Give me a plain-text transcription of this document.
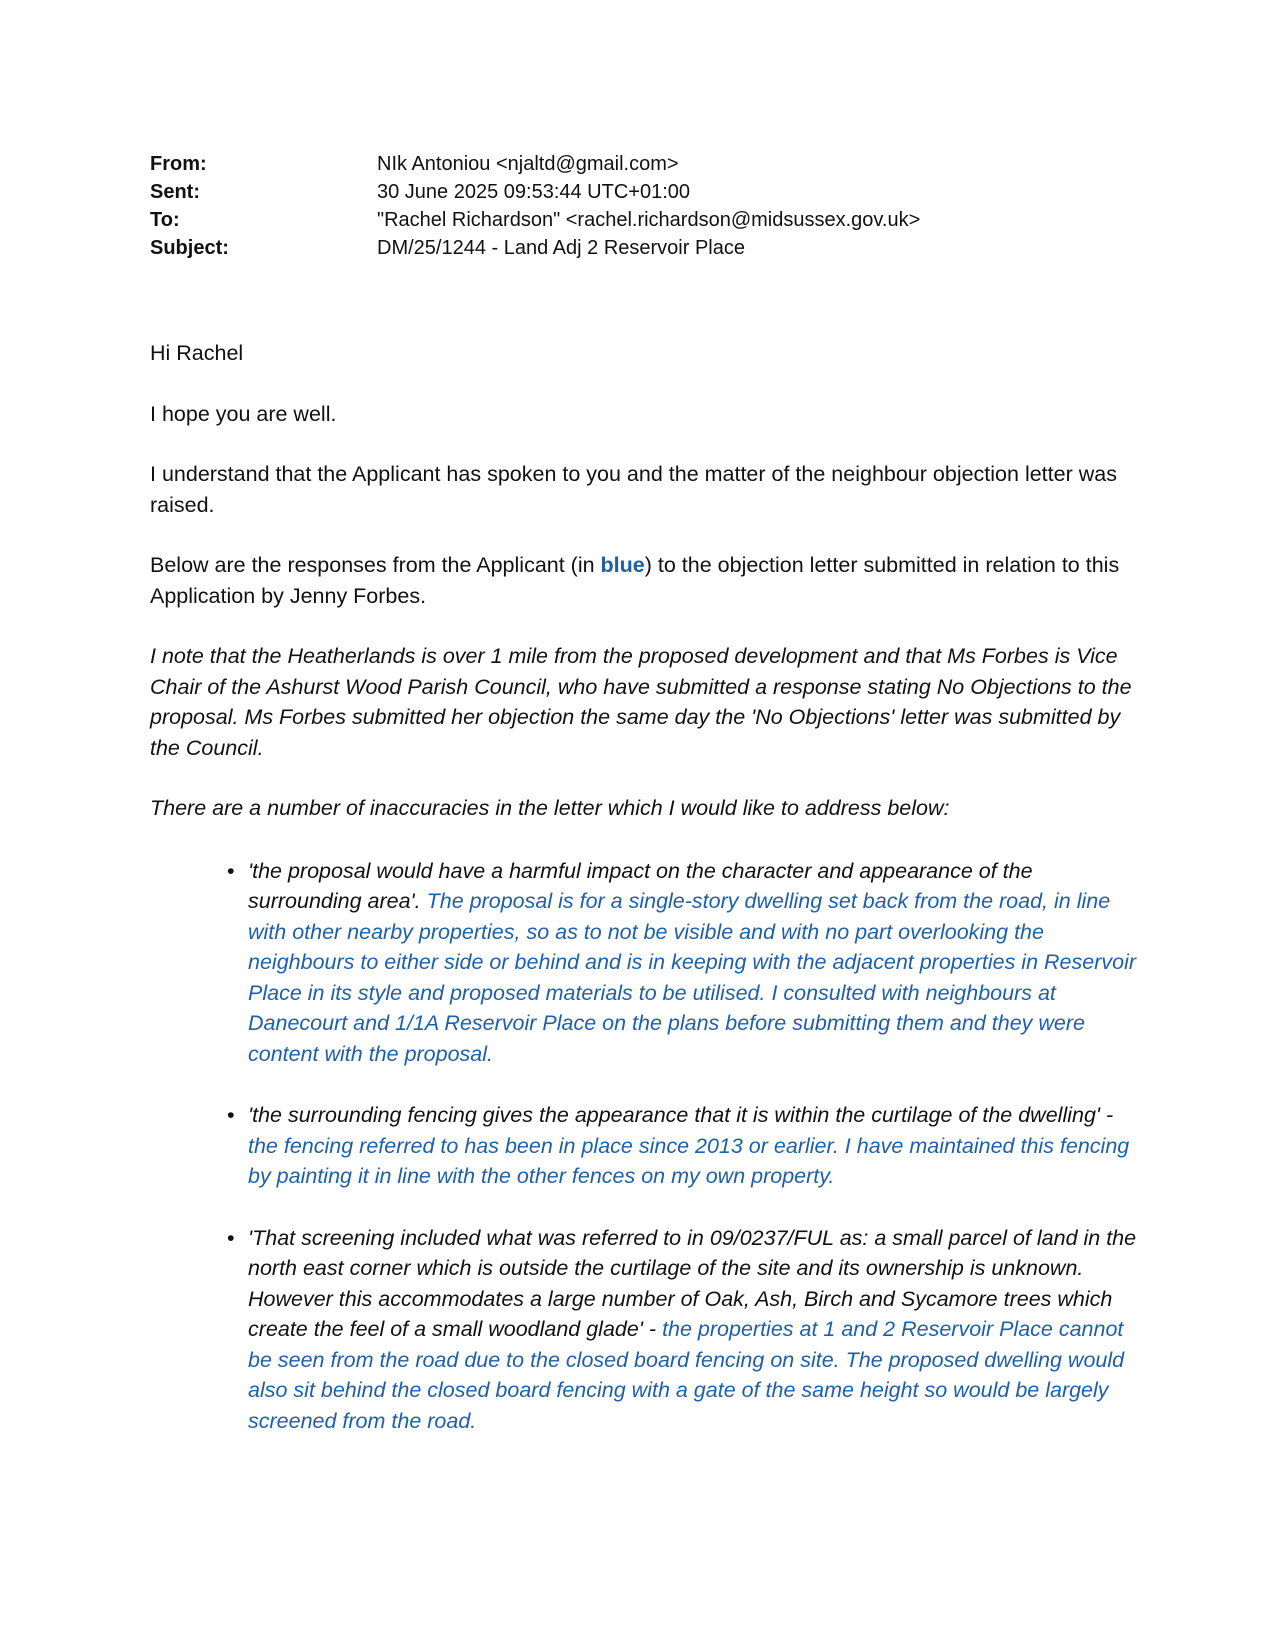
From:	NIk Antoniou <njaltd@gmail.com>
Sent:	30 June 2025 09:53:44 UTC+01:00
To:	"Rachel Richardson" <rachel.richardson@midsussex.gov.uk>
Subject:	DM/25/1244 - Land Adj 2 Reservoir Place

Hi Rachel

I hope you are well.

I understand that the Applicant has spoken to you and the matter of the neighbour objection letter was raised.

Below are the responses from the Applicant (in blue) to the objection letter submitted in relation to this Application by Jenny Forbes.

I note that the Heatherlands is over 1 mile from the proposed development and that Ms Forbes is Vice Chair of the Ashurst Wood Parish Council, who have submitted a response stating No Objections to the proposal. Ms Forbes submitted her objection the same day the 'No Objections' letter was submitted by the Council.

There are a number of inaccuracies in the letter which I would like to address below:

• 'the proposal would have a harmful impact on the character and appearance of the surrounding area'. The proposal is for a single-story dwelling set back from the road, in line with other nearby properties, so as to not be visible and with no part overlooking the neighbours to either side or behind and is in keeping with the adjacent properties in Reservoir Place in its style and proposed materials to be utilised. I consulted with neighbours at Danecourt and 1/1A Reservoir Place on the plans before submitting them and they were content with the proposal.
• 'the surrounding fencing gives the appearance that it is within the curtilage of the dwelling' - the fencing referred to has been in place since 2013 or earlier. I have maintained this fencing by painting it in line with the other fences on my own property.
• 'That screening included what was referred to in 09/0237/FUL as: a small parcel of land in the north east corner which is outside the curtilage of the site and its ownership is unknown. However this accommodates a large number of Oak, Ash, Birch and Sycamore trees which create the feel of a small woodland glade' - the properties at 1 and 2 Reservoir Place cannot be seen from the road due to the closed board fencing on site. The proposed dwelling would also sit behind the closed board fencing with a gate of the same height so would be largely screened from the road.
